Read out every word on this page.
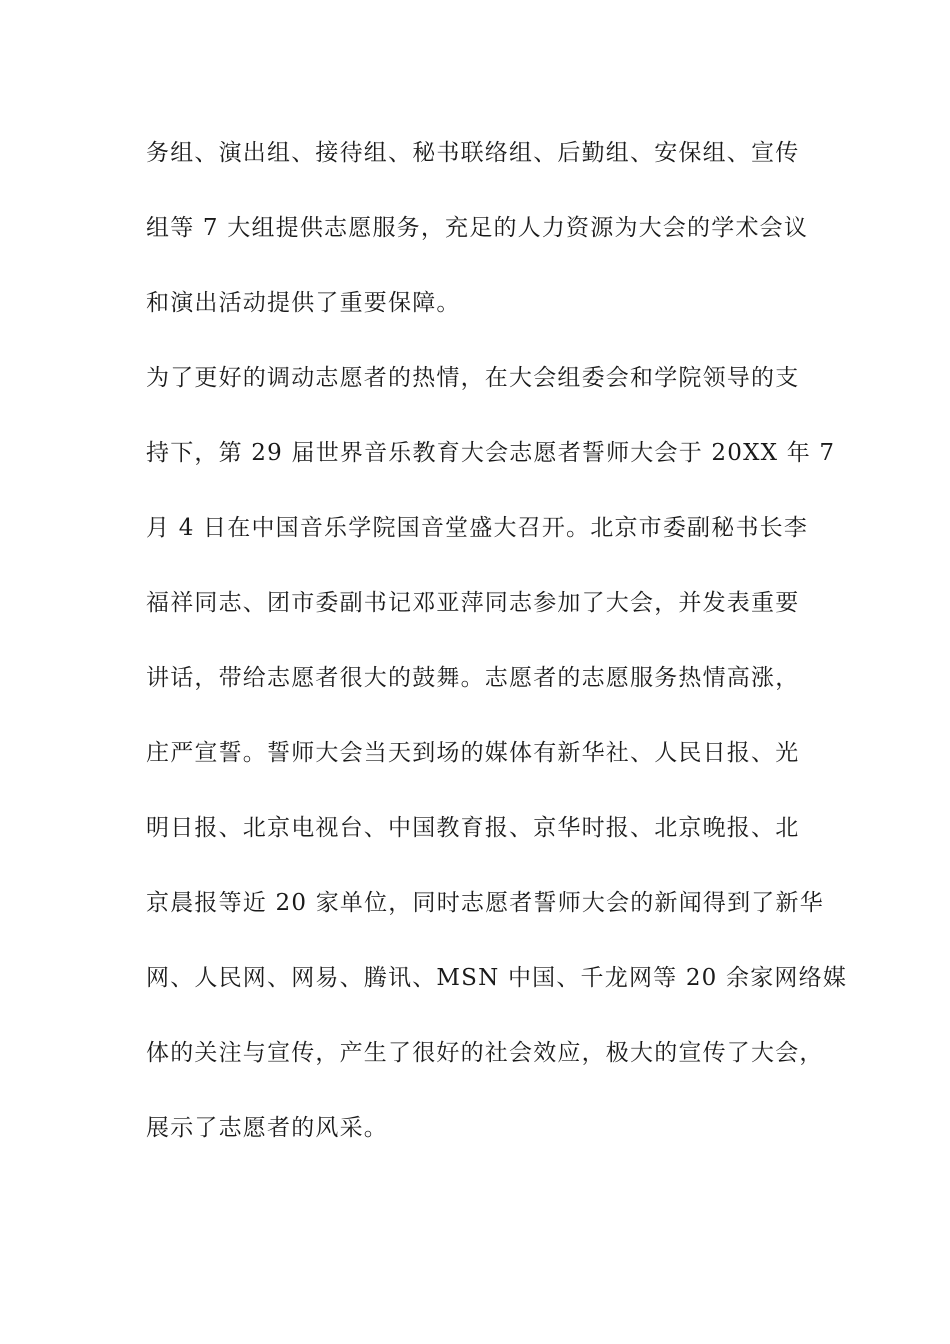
务组、演出组、接待组、秘书联络组、后勤组、安保组、宣传
组等 7 大组提供志愿服务，充足的人力资源为大会的学术会议
和演出活动提供了重要保障。
为了更好的调动志愿者的热情，在大会组委会和学院领导的支
持下，第 29 届世界音乐教育大会志愿者誓师大会于 20XX 年 7
月 4 日在中国音乐学院国音堂盛大召开。北京市委副秘书长李
福祥同志、团市委副书记邓亚萍同志参加了大会，并发表重要
讲话，带给志愿者很大的鼓舞。志愿者的志愿服务热情高涨，
庄严宣誓。誓师大会当天到场的媒体有新华社、人民日报、光
明日报、北京电视台、中国教育报、京华时报、北京晚报、北
京晨报等近 20 家单位，同时志愿者誓师大会的新闻得到了新华
网、人民网、网易、腾讯、MSN 中国、千龙网等 20 余家网络媒
体的关注与宣传，产生了很好的社会效应，极大的宣传了大会，
展示了志愿者的风采。
